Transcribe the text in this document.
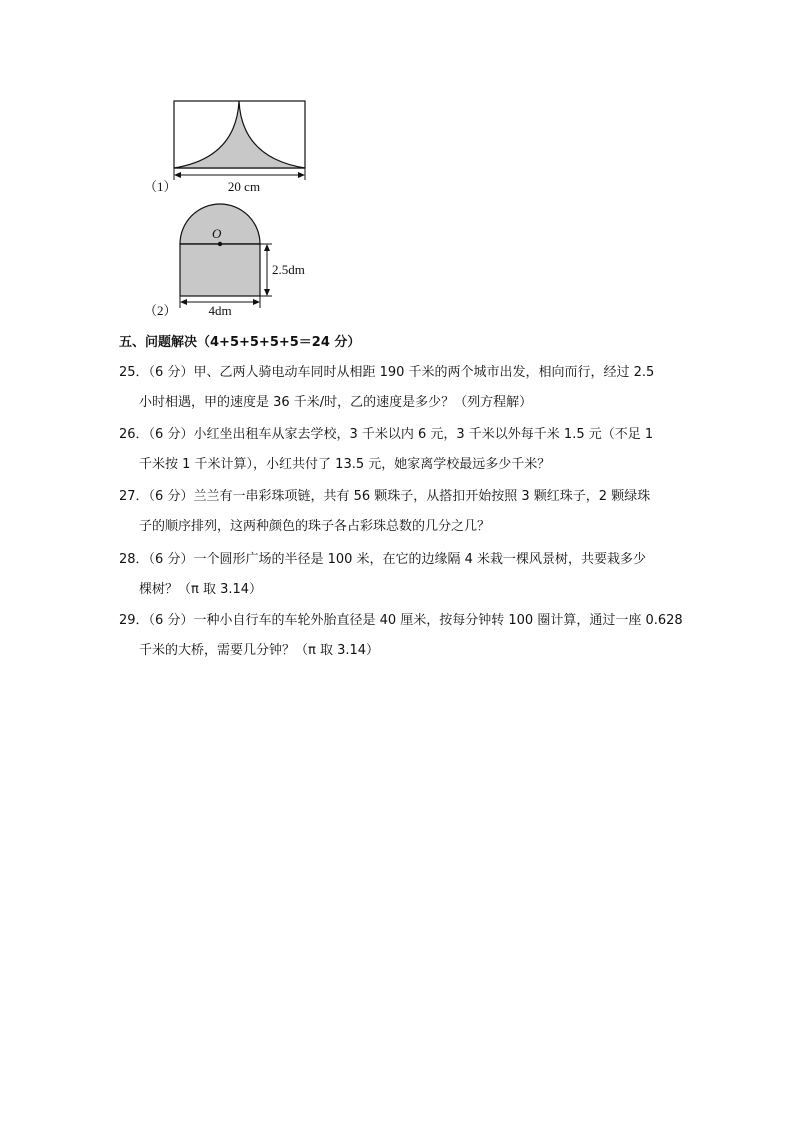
20 cm
（1）
O
2.5dm
4dm
（2）
五、问题解决（4+5+5+5+5＝24 分）
25．（6 分）甲、乙两人骑电动车同时从相距 190 千米的两个城市出发，相向而行，经过 2.5
小时相遇，甲的速度是 36 千米/时，乙的速度是多少？（列方程解）
26．（6 分）小红坐出租车从家去学校，3 千米以内 6 元，3 千米以外每千米 1.5 元（不足 1
千米按 1 千米计算），小红共付了 13.5 元，她家离学校最远多少千米？
27．（6 分）兰兰有一串彩珠项链，共有 56 颗珠子，从搭扣开始按照 3 颗红珠子，2 颗绿珠
子的顺序排列，这两种颜色的珠子各占彩珠总数的几分之几？
28．（6 分）一个圆形广场的半径是 100 米，在它的边缘隔 4 米栽一棵风景树，共要栽多少
棵树？（π 取 3.14）
29．（6 分）一种小自行车的车轮外胎直径是 40 厘米，按每分钟转 100 圈计算，通过一座 0.628
千米的大桥，需要几分钟？（π 取 3.14）
